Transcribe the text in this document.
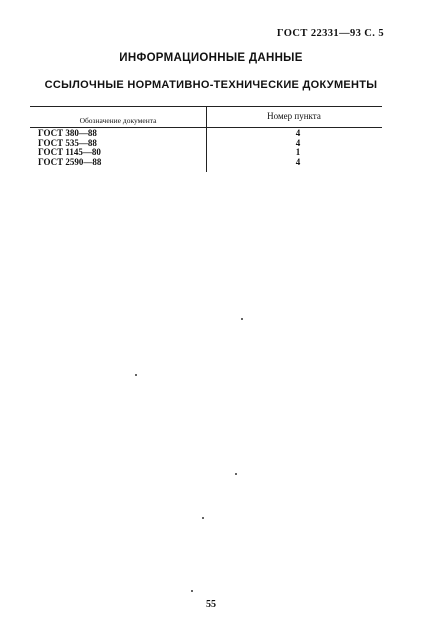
ГОСТ 22331—93 С. 5
ИНФОРМАЦИОННЫЕ ДАННЫЕ
ССЫЛОЧНЫЕ НОРМАТИВНО-ТЕХНИЧЕСКИЕ ДОКУМЕНТЫ
Обозначение документа	Номер пункта
ГОСТ 380—88	4
ГОСТ 535—88	4
ГОСТ 1145—80	1
ГОСТ 2590—88	4
55
